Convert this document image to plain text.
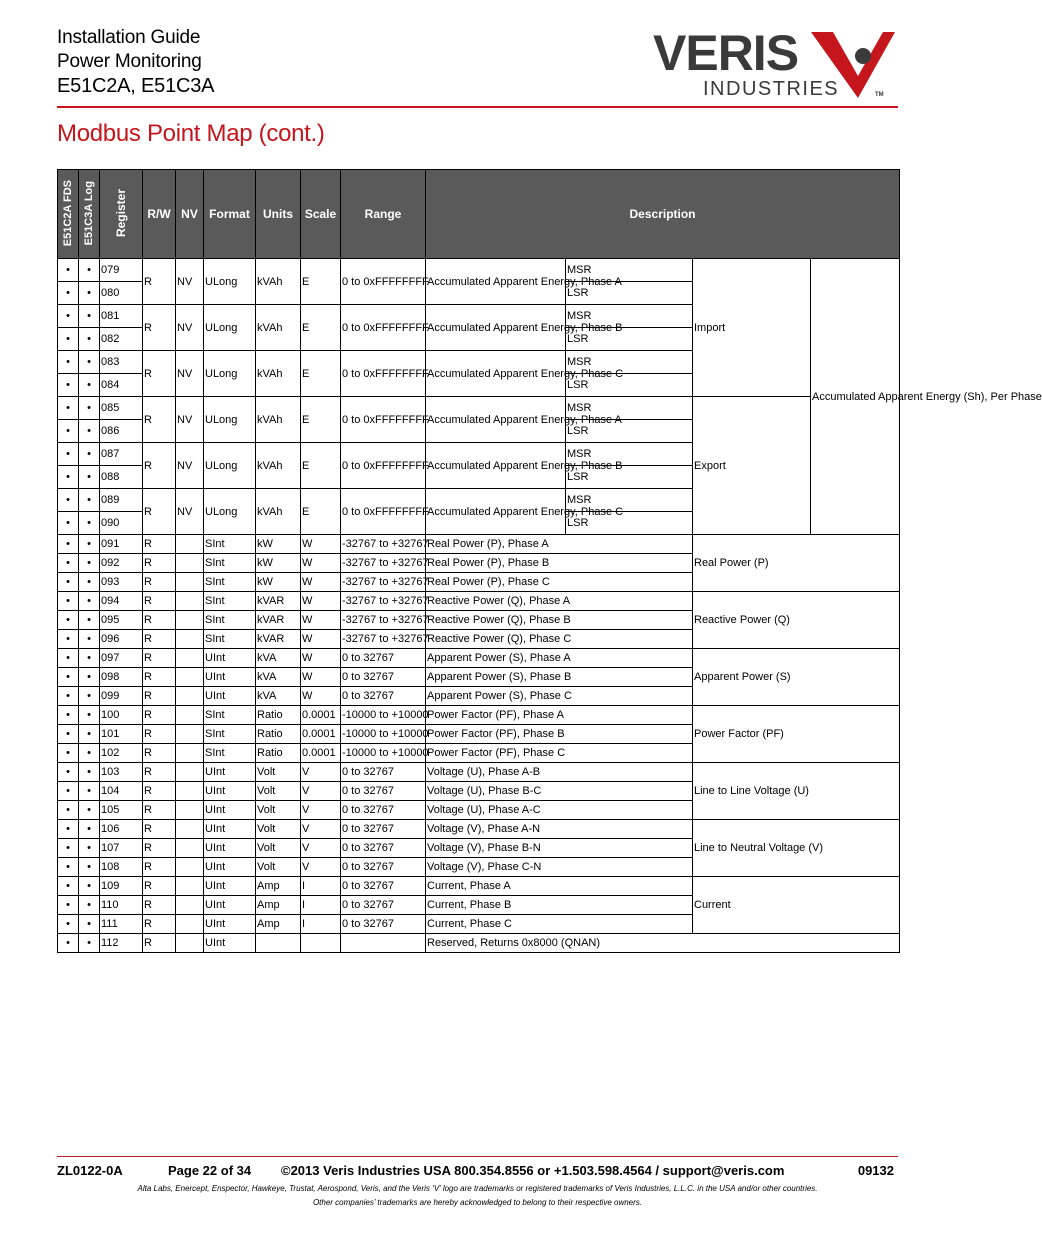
Installation Guide
Power Monitoring
E51C2A, E51C3A
VERIS
INDUSTRIES	TM
Modbus Point Map (cont.)
E51C2A FDS	E51C3A Log	Register	R/W	NV	Format	Units	Scale	Range	Description			
•	•	079	R	NV	ULong	kVAh	E	0 to 0xFFFFFFFF	Accumulated Apparent Energy, Phase A	MSR	Import	Accumulated Apparent Energy (Sh), Per Phase
•	•	080								LSR		
•	•	081	R	NV	ULong	kVAh	E	0 to 0xFFFFFFFF	Accumulated Apparent Energy, Phase B	MSR		
•	•	082								LSR		
•	•	083	R	NV	ULong	kVAh	E	0 to 0xFFFFFFFF	Accumulated Apparent Energy, Phase C	MSR		
•	•	084								LSR		
•	•	085	R	NV	ULong	kVAh	E	0 to 0xFFFFFFFF	Accumulated Apparent Energy, Phase A	MSR	Export	
•	•	086								LSR		
•	•	087	R	NV	ULong	kVAh	E	0 to 0xFFFFFFFF	Accumulated Apparent Energy, Phase B	MSR		
•	•	088								LSR		
•	•	089	R	NV	ULong	kVAh	E	0 to 0xFFFFFFFF	Accumulated Apparent Energy, Phase C	MSR		
•	•	090								LSR		
•	•	091	R		SInt	kW	W	-32767 to +32767	Real Power (P), Phase A		Real Power (P)	
•	•	092	R		SInt	kW	W	-32767 to +32767	Real Power (P), Phase B			
•	•	093	R		SInt	kW	W	-32767 to +32767	Real Power (P), Phase C			
•	•	094	R		SInt	kVAR	W	-32767 to +32767	Reactive Power (Q), Phase A		Reactive Power (Q)	
•	•	095	R		SInt	kVAR	W	-32767 to +32767	Reactive Power (Q), Phase B			
•	•	096	R		SInt	kVAR	W	-32767 to +32767	Reactive Power (Q), Phase C			
•	•	097	R		UInt	kVA	W	0 to 32767	Apparent Power (S), Phase A		Apparent Power (S)	
•	•	098	R		UInt	kVA	W	0 to 32767	Apparent Power (S), Phase B			
•	•	099	R		UInt	kVA	W	0 to 32767	Apparent Power (S), Phase C			
•	•	100	R		SInt	Ratio	0.0001	-10000 to +10000	Power Factor (PF), Phase A		Power Factor (PF)	
•	•	101	R		SInt	Ratio	0.0001	-10000 to +10000	Power Factor (PF), Phase B			
•	•	102	R		SInt	Ratio	0.0001	-10000 to +10000	Power Factor (PF), Phase C			
•	•	103	R		UInt	Volt	V	0 to 32767	Voltage (U), Phase A-B		Line to Line Voltage (U)	
•	•	104	R		UInt	Volt	V	0 to 32767	Voltage (U), Phase B-C			
•	•	105	R		UInt	Volt	V	0 to 32767	Voltage (U), Phase A-C			
•	•	106	R		UInt	Volt	V	0 to 32767	Voltage (V), Phase A-N		Line to Neutral Voltage (V)	
•	•	107	R		UInt	Volt	V	0 to 32767	Voltage (V), Phase B-N			
•	•	108	R		UInt	Volt	V	0 to 32767	Voltage (V), Phase C-N			
•	•	109	R		UInt	Amp	I	0 to 32767	Current, Phase A		Current	
•	•	110	R		UInt	Amp	I	0 to 32767	Current, Phase B			
•	•	111	R		UInt	Amp	I	0 to 32767	Current, Phase C			
•	•	112	R		UInt				Reserved, Returns 0x8000 (QNAN)			
ZL0122-0A	Page 22 of 34 ©2013 Veris Industries USA 800.354.8556 or +1.503.598.4564 / support@veris.com	09132
Alta Labs, Enercept, Enspector, Hawkeye, Trustat, Aerospond, Veris, and the Veris ‘V’ logo are trademarks or registered trademarks of Veris Industries, L.L.C. in the USA and/or other countries.
Other companies’ trademarks are hereby acknowledged to belong to their respective owners.
